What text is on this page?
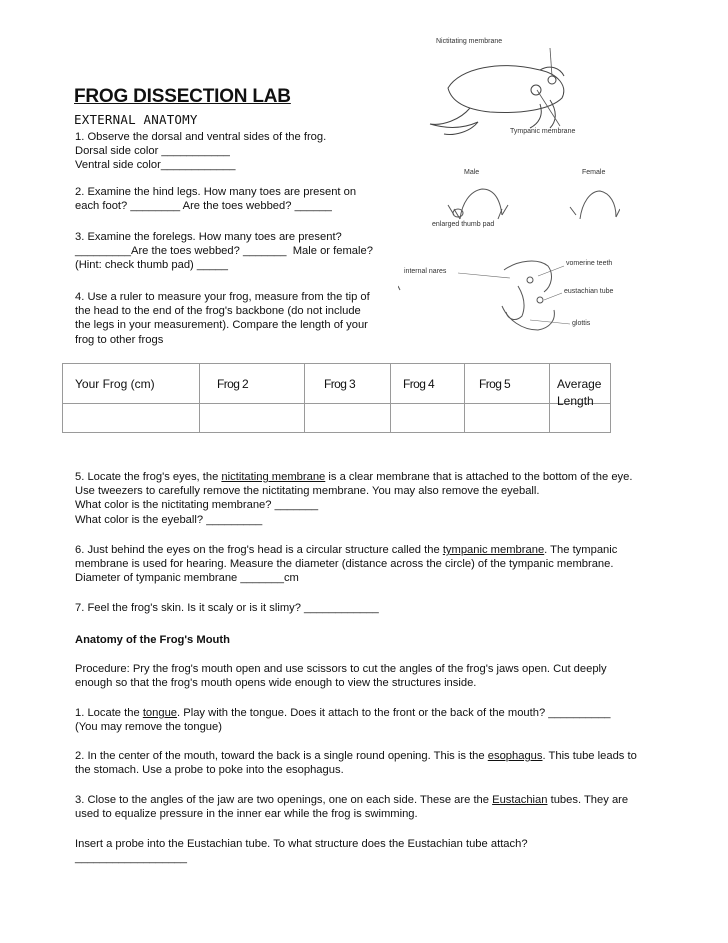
FROG DISSECTION LAB
EXTERNAL ANATOMY
1. Observe the dorsal and ventral sides of the frog.
Dorsal side color ___________
Ventral side color____________
2. Examine the hind legs. How many toes are present on
each foot? ________ Are the toes webbed? ______
3. Examine the forelegs. How many toes are present?
_________Are the toes webbed? _______  Male or female?
(Hint: check thumb pad) _____
4. Use a ruler to measure your frog, measure from the tip of
the head to the end of the frog's backbone (do not include
the legs in your measurement). Compare the length of your
frog to other frogs
Nictitating membrane
Tympanic membrane
Male	Female
enlarged thumb pad
internal nares
vomerine teeth
eustachian tube
glottis
Your Frog (cm)	Frog 2	Frog 3	Frog 4	Frog 5	Average
Length
5. Locate the frog's eyes, the nictitating membrane is a clear membrane that is attached to the bottom of the eye.
Use tweezers to carefully remove the nictitating membrane. You may also remove the eyeball.
What color is the nictitating membrane? _______
What color is the eyeball? _________
6. Just behind the eyes on the frog's head is a circular structure called the tympanic membrane. The tympanic
membrane is used for hearing. Measure the diameter (distance across the circle) of the tympanic membrane.
Diameter of tympanic membrane _______cm
7. Feel the frog's skin. Is it scaly or is it slimy? ____________
Anatomy of the Frog's Mouth
Procedure: Pry the frog's mouth open and use scissors to cut the angles of the frog's jaws open. Cut deeply
enough so that the frog's mouth opens wide enough to view the structures inside.
1. Locate the tongue. Play with the tongue. Does it attach to the front or the back of the mouth? __________
(You may remove the tongue)
2. In the center of the mouth, toward the back is a single round opening. This is the esophagus. This tube leads to
the stomach. Use a probe to poke into the esophagus.
3. Close to the angles of the jaw are two openings, one on each side. These are the Eustachian tubes. They are
used to equalize pressure in the inner ear while the frog is swimming.
Insert a probe into the Eustachian tube. To what structure does the Eustachian tube attach?
__________________
